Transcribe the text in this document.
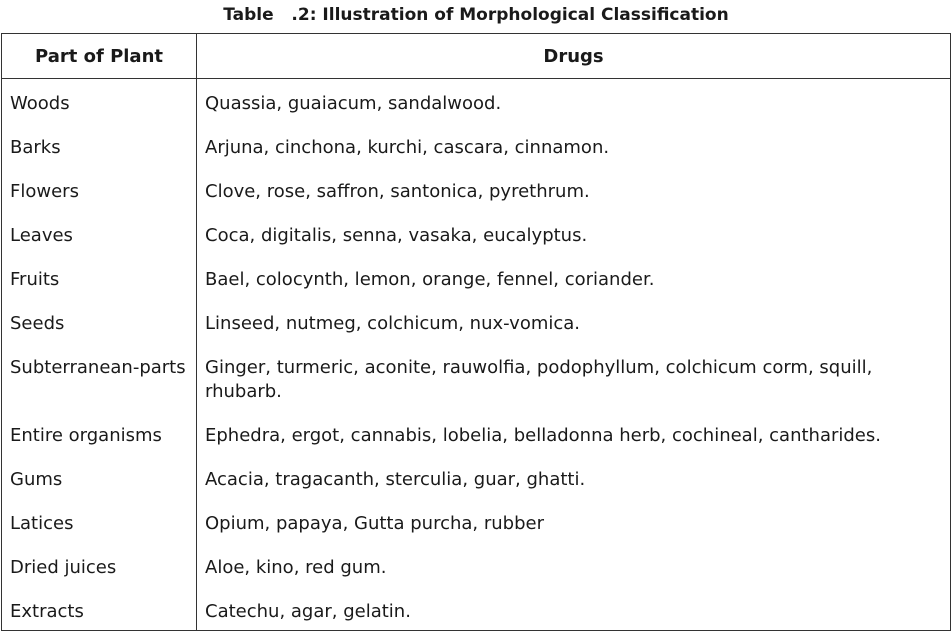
Table   .2: Illustration of Morphological Classification
Part of Plant	Drugs
Woods	Quassia, guaiacum, sandalwood.
Barks	Arjuna, cinchona, kurchi, cascara, cinnamon.
Flowers	Clove, rose, saffron, santonica, pyrethrum.
Leaves	Coca, digitalis, senna, vasaka, eucalyptus.
Fruits	Bael, colocynth, lemon, orange, fennel, coriander.
Seeds	Linseed, nutmeg, colchicum, nux-vomica.
Subterranean-parts	Ginger, turmeric, aconite, rauwolfia, podophyllum, colchicum corm, squill, rhubarb.
Entire organisms	Ephedra, ergot, cannabis, lobelia, belladonna herb, cochineal, cantharides.
Gums	Acacia, tragacanth, sterculia, guar, ghatti.
Latices	Opium, papaya, Gutta purcha, rubber
Dried juices	Aloe, kino, red gum.
Extracts	Catechu, agar, gelatin.
